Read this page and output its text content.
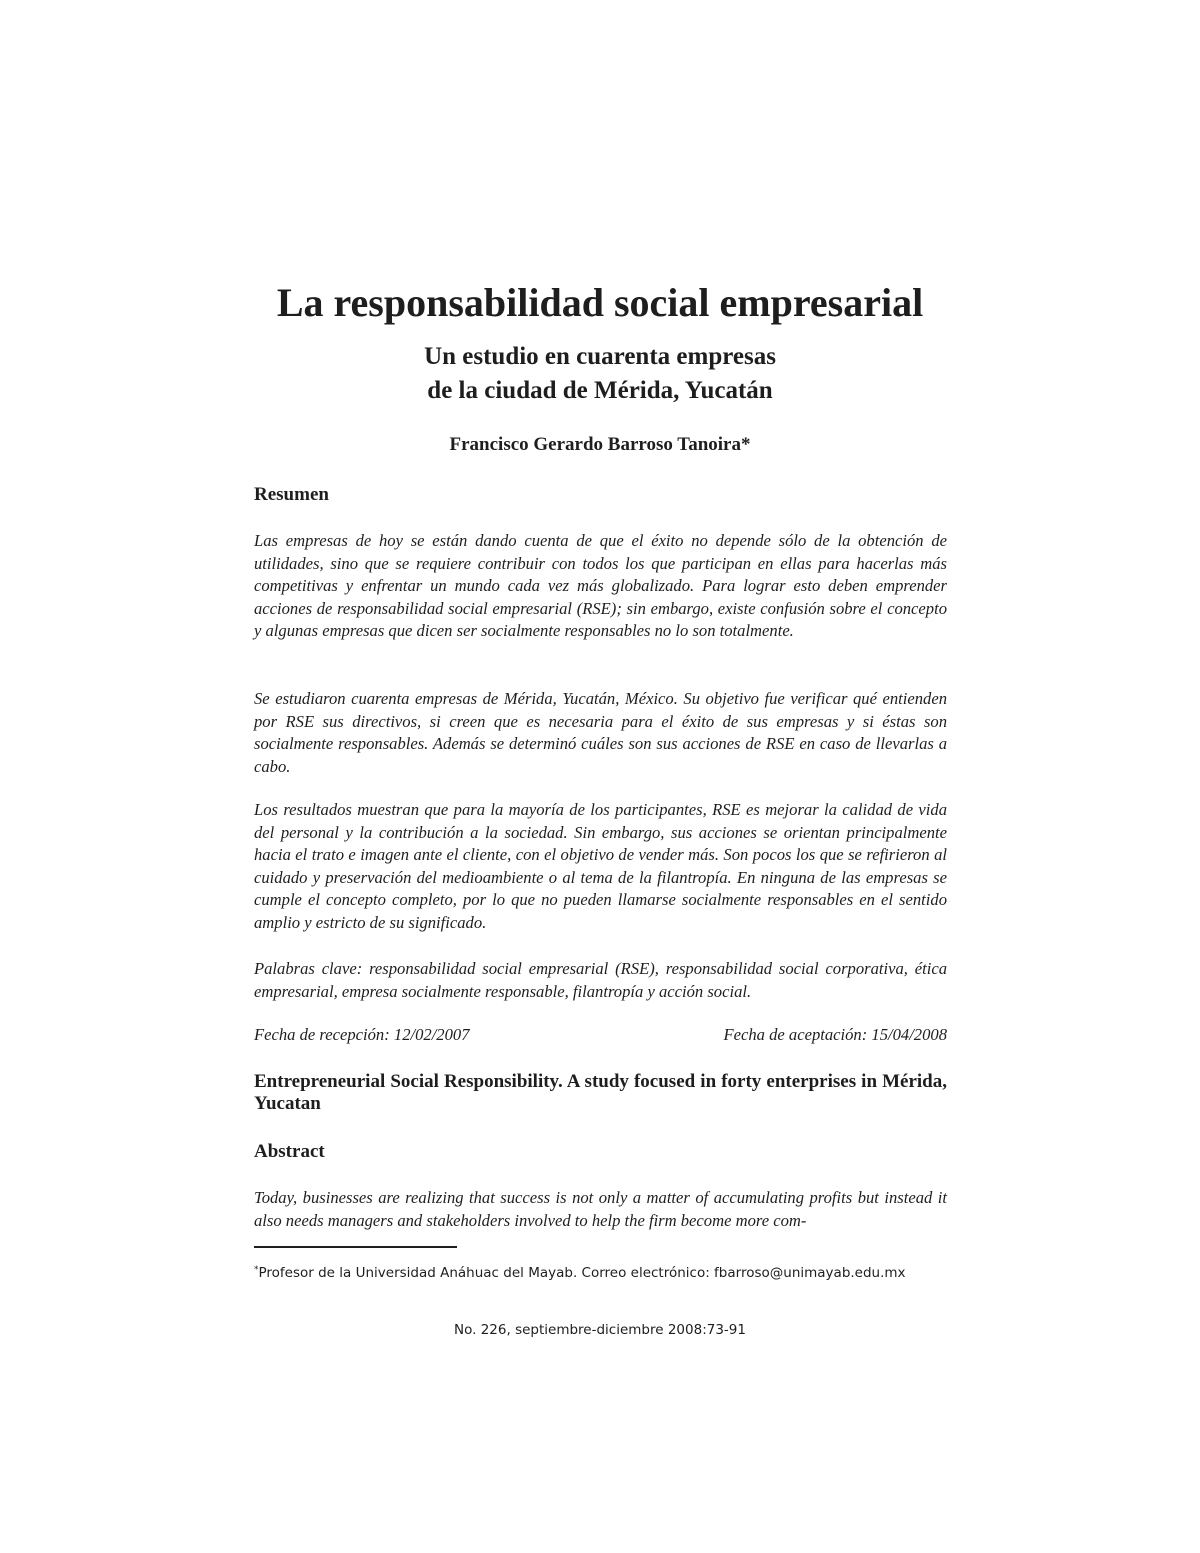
La responsabilidad social empresarial
Un estudio en cuarenta empresas
de la ciudad de Mérida, Yucatán
Francisco Gerardo Barroso Tanoira*
Resumen
Las empresas de hoy se están dando cuenta de que el éxito no depende sólo de la obtención de utilidades, sino que se requiere contribuir con todos los que participan en ellas para hacerlas más competitivas y enfrentar un mundo cada vez más globalizado. Para lograr esto deben emprender acciones de responsabilidad social empresarial (RSE); sin embargo, existe confusión sobre el concepto y algunas empresas que dicen ser socialmente responsables no lo son totalmente.
Se estudiaron cuarenta empresas de Mérida, Yucatán, México. Su objetivo fue verificar qué entienden por RSE sus directivos, si creen que es necesaria para el éxito de sus empresas y si éstas son socialmente responsables. Además se determinó cuáles son sus acciones de RSE en caso de llevarlas a cabo.
Los resultados muestran que para la mayoría de los participantes, RSE es mejorar la calidad de vida del personal y la contribución a la sociedad. Sin embargo, sus acciones se orientan principalmente hacia el trato e imagen ante el cliente, con el objetivo de vender más. Son pocos los que se refirieron al cuidado y preservación del medioambiente o al tema de la filantropía. En ninguna de las empresas se cumple el concepto completo, por lo que no pueden llamarse socialmente responsables en el sentido amplio y estricto de su significado.
Palabras clave: responsabilidad social empresarial (RSE), responsabilidad social corporativa, ética empresarial, empresa socialmente responsable, filantropía y acción social.
Fecha de recepción: 12/02/2007	Fecha de aceptación: 15/04/2008
Entrepreneurial Social Responsibility. A study focused in forty enterprises in Mérida, Yucatan
Abstract
Today, businesses are realizing that success is not only a matter of accumulating profits but instead it also needs managers and stakeholders involved to help the firm become more com-
*Profesor de la Universidad Anáhuac del Mayab. Correo electrónico: fbarroso@unimayab.edu.mx
No. 226, septiembre-diciembre 2008:73-91
